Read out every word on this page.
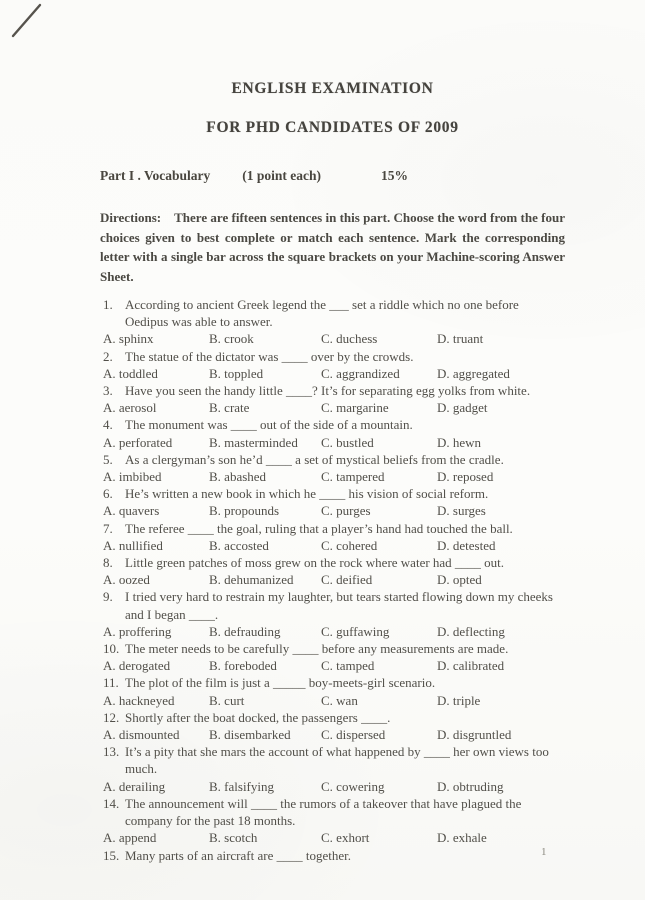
ENGLISH EXAMINATION
FOR PHD CANDIDATES OF 2009
Part I . Vocabulary (1 point each)	15%

Directions: There are fifteen sentences in this part. Choose the word from the four choices given to best complete or match each sentence. Mark the corresponding letter with a single bar across the square brackets on your Machine-scoring Answer Sheet.

1. According to ancient Greek legend the ___ set a riddle which no one before Oedipus was able to answer.

A. sphinx	B. crook	C. duchess	D. truant

2. The statue of the dictator was ____ over by the crowds.

A. toddled	B. toppled	C. aggrandized	D. aggregated

3. Have you seen the handy little ____? It’s for separating egg yolks from white.

A. aerosol	B. crate	C. margarine	D. gadget

4. The monument was ____ out of the side of a mountain.

A. perforated	B. masterminded	C. bustled	D. hewn

5. As a clergyman’s son he’d ____ a set of mystical beliefs from the cradle.

A. imbibed	B. abashed	C. tampered	D. reposed

6. He’s written a new book in which he ____ his vision of social reform.

A. quavers	B. propounds	C. purges	D. surges

7. The referee ____ the goal, ruling that a player’s hand had touched the ball.

A. nullified	B. accosted	C. cohered	D. detested

8. Little green patches of moss grew on the rock where water had ____ out.

A. oozed	B. dehumanized	C. deified	D. opted

9. I tried very hard to restrain my laughter, but tears started flowing down my cheeks and I began ____.

A. proffering	B. defrauding	C. guffawing	D. deflecting

10. The meter needs to be carefully ____ before any measurements are made.

A. derogated	B. foreboded	C. tamped	D. calibrated

11. The plot of the film is just a _____ boy-meets-girl scenario.

A. hackneyed	B. curt	C. wan	D. triple

12. Shortly after the boat docked, the passengers ____.

A. dismounted	B. disembarked	C. dispersed	D. disgruntled

13. It’s a pity that she mars the account of what happened by ____ her own views too much.

A. derailing	B. falsifying	C. cowering	D. obtruding

14. The announcement will ____ the rumors of a takeover that have plagued the company for the past 18 months.

A. append	B. scotch	C. exhort	D. exhale

15. Many parts of an aircraft are ____ together.	1
